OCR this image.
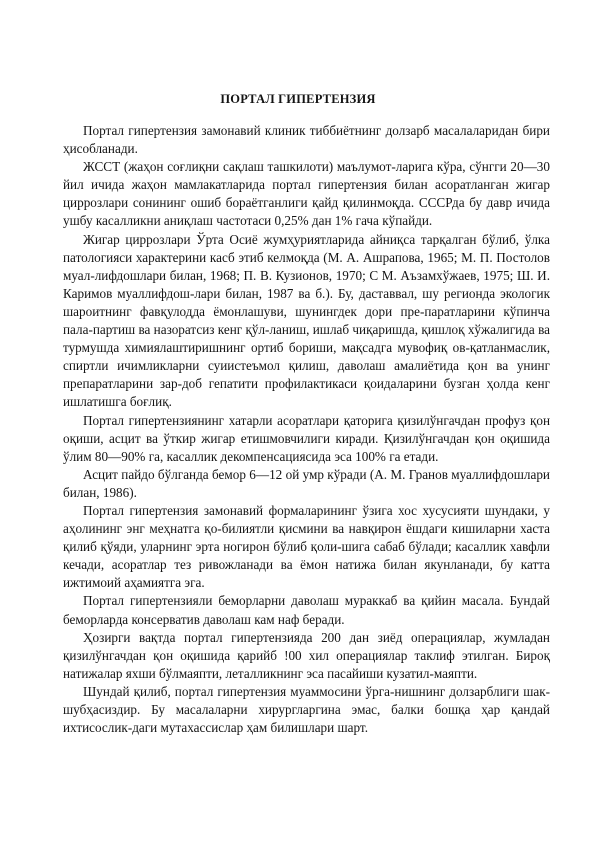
ПОРТАЛ ГИПЕРТЕНЗИЯ

Портал гипертензия замонавий клиник тиббиётнинг долзарб масалаларидан бири ҳисобланади.

ЖССТ (жаҳон соғлиқни сақлаш ташкилоти) маълумот-ларига кўра, сўнгги 20—30 йил ичида жаҳон мамлакатларида портал гипертензия билан асоратланган жигар циррозлари сонининг ошиб бораётганлиги қайд қилинмоқда. СССРда бу давр ичида ушбу касалликни аниқлаш частотаси 0,25% дан 1% гача кўпайди.

Жигар циррозлари Ўрта Осиё жумҳуриятларида айниқса тарқалган бўлиб, ўлка патологияси характерини касб этиб келмоқда (М. А. Ашрапова, 1965; М. П. Постолов муал-лифдошлари билан, 1968; П. В. Кузионов, 1970; С М. Аъзамхўжаев, 1975; Ш. И. Каримов муаллифдош-лари билан, 1987 ва б.). Бу, даставвал, шу регионда экологик шароитнинг фавқулодда ёмонлашуви, шунингдек дори пре-паратларини кўпинча пала-партиш ва назоратсиз кенг қўл-ланиш, ишлаб чиқаришда, қишлоқ хўжалигида ва турмушда химиялаштиришнинг ортиб бориши, мақсадга мувофиқ ов-қатланмаслик, спиртли ичимликларни суиистеъмол қилиш, даволаш амалиётида қон ва унинг препаратларини зар-доб гепатити профилактикаси қоидаларини бузган ҳолда кенг ишлатишга боғлиқ.

Портал гипертензиянинг хатарли асоратлари қаторига қизилўнгачдан профуз қон оқиши, асцит ва ўткир жигар етишмовчилиги киради. Қизилўнгачдан қон оқишида ўлим 80—90% га, касаллик декомпенсациясида эса 100% га етади.

Асцит пайдо бўлганда бемор 6—12 ой умр кўради (А. М. Гранов муаллифдошлари билан, 1986).

Портал гипертензия замонавий формаларининг ўзига хос хусусияти шундаки, у аҳолининг энг меҳнатга қо-билиятли қисмини ва навқирон ёшдаги кишиларни хаста қилиб қўяди, уларнинг эрта ногирон бўлиб қоли-шига сабаб бўлади; касаллик хавфли кечади, асоратлар тез ривожланади ва ёмон натижа билан якунланади, бу катта ижтимоий аҳамиятга эга.

Портал гипертензияли беморларни даволаш мураккаб ва қийин масала. Бундай беморларда консерватив даволаш кам наф беради.

Ҳозирги вақтда портал гипертензияда 200 дан зиёд операциялар, жумладан қизилўнгачдан қон оқишида қарийб !00 хил операциялар таклиф этилган. Бироқ натижалар яхши бўлмаяпти, леталликнинг эса пасайиши кузатил-маяпти.

Шундай қилиб, портал гипертензия муаммосини ўрга-нишнинг долзарблиги шак-шубҳасиздир. Бу масалаларни хирургларгина эмас, балки бошқа ҳар қандай ихтисослик-даги мутахассислар ҳам билишлари шарт.
